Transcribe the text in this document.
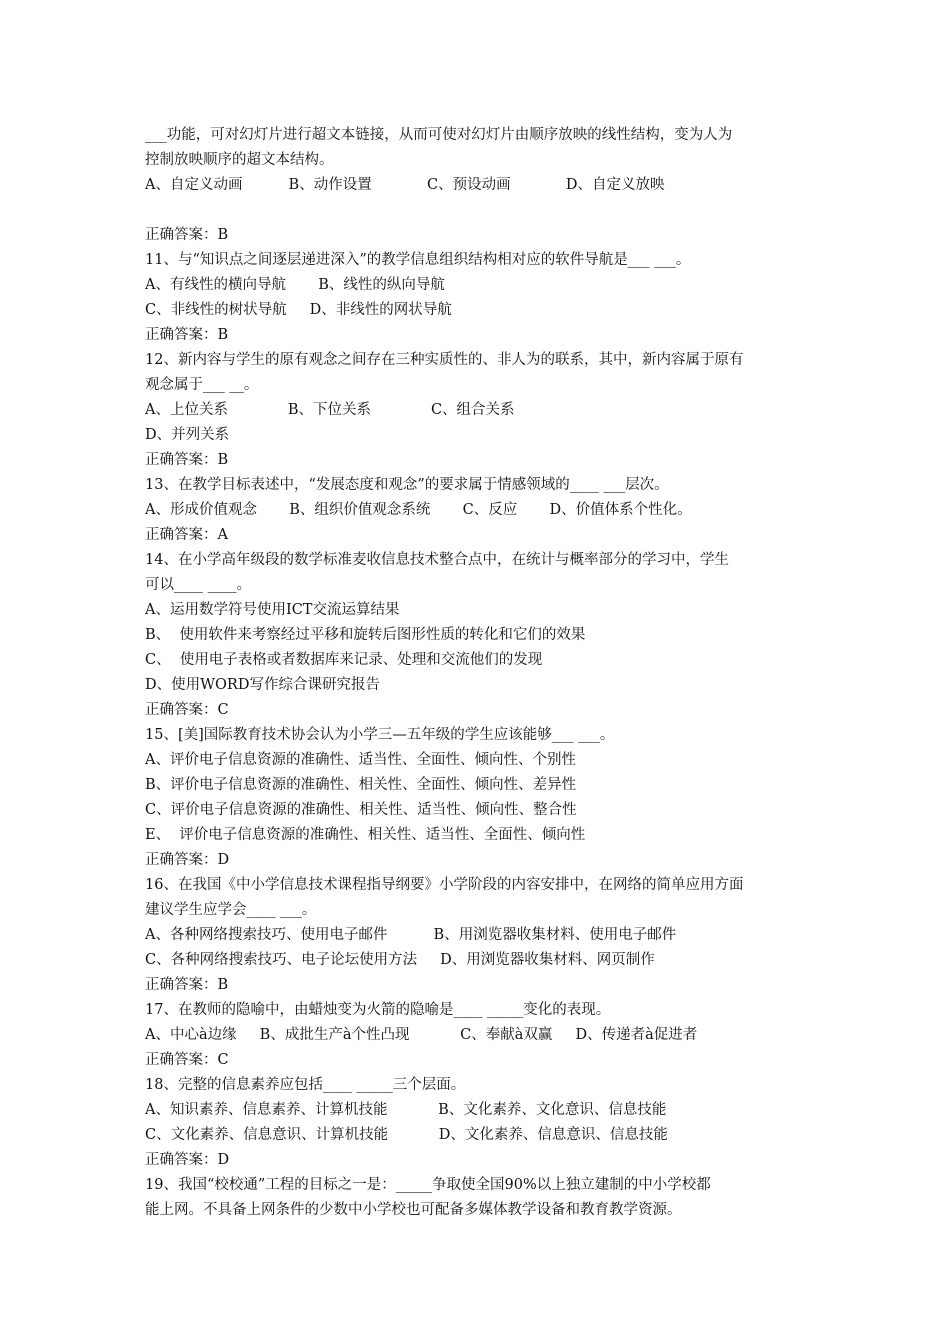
___功能，可对幻灯片进行超文本链接，从而可使对幻灯片由顺序放映的线性结构，变为人为
控制放映顺序的超文本结构。
A、自定义动画          B、动作设置            C、预设动画            D、自定义放映
正确答案：B
11、与“知识点之间逐层递进深入”的教学信息组织结构相对应的软件导航是___ ___。
A、有线性的横向导航       B、线性的纵向导航
C、非线性的树状导航     D、非线性的网状导航
正确答案：B
12、新内容与学生的原有观念之间存在三种实质性的、非人为的联系，其中，新内容属于原有
观念属于___ __。
A、上位关系             B、下位关系             C、组合关系
D、并列关系
正确答案：B
13、在教学目标表述中，“发展态度和观念”的要求属于情感领域的____ ___层次。
A、形成价值观念       B、组织价值观念系统       C、反应       D、价值体系个性化。
正确答案：A
14、在小学高年级段的数学标准麦收信息技术整合点中，在统计与概率部分的学习中，学生
可以____ ____。
A、运用数学符号使用ICT交流运算结果
B、  使用软件来考察经过平移和旋转后图形性质的转化和它们的效果
C、  使用电子表格或者数据库来记录、处理和交流他们的发现
D、使用WORD写作综合课研究报告
正确答案：C
15、[美]国际教育技术协会认为小学三—五年级的学生应该能够___ ___。
A、评价电子信息资源的准确性、适当性、全面性、倾向性、个别性
B、评价电子信息资源的准确性、相关性、全面性、倾向性、差异性
C、评价电子信息资源的准确性、相关性、适当性、倾向性、整合性
E、  评价电子信息资源的准确性、相关性、适当性、全面性、倾向性
正确答案：D
16、在我国《中小学信息技术课程指导纲要》小学阶段的内容安排中，在网络的简单应用方面
建议学生应学会____ ___。
A、各种网络搜索技巧、使用电子邮件          B、用浏览器收集材料、使用电子邮件
C、各种网络搜索技巧、电子论坛使用方法     D、用浏览器收集材料、网页制作
正确答案：B
17、在教师的隐喻中，由蜡烛变为火箭的隐喻是____ _____变化的表现。
A、中心à边缘     B、成批生产à个性凸现           C、奉献à双赢     D、传递者à促进者
正确答案：C
18、完整的信息素养应包括____ _____三个层面。
A、知识素养、信息素养、计算机技能           B、文化素养、文化意识、信息技能
C、文化素养、信息意识、计算机技能           D、文化素养、信息意识、信息技能
正确答案：D
19、我国“校校通”工程的目标之一是：_____争取使全国90%以上独立建制的中小学校都
能上网。不具备上网条件的少数中小学校也可配备多媒体教学设备和教育教学资源。
